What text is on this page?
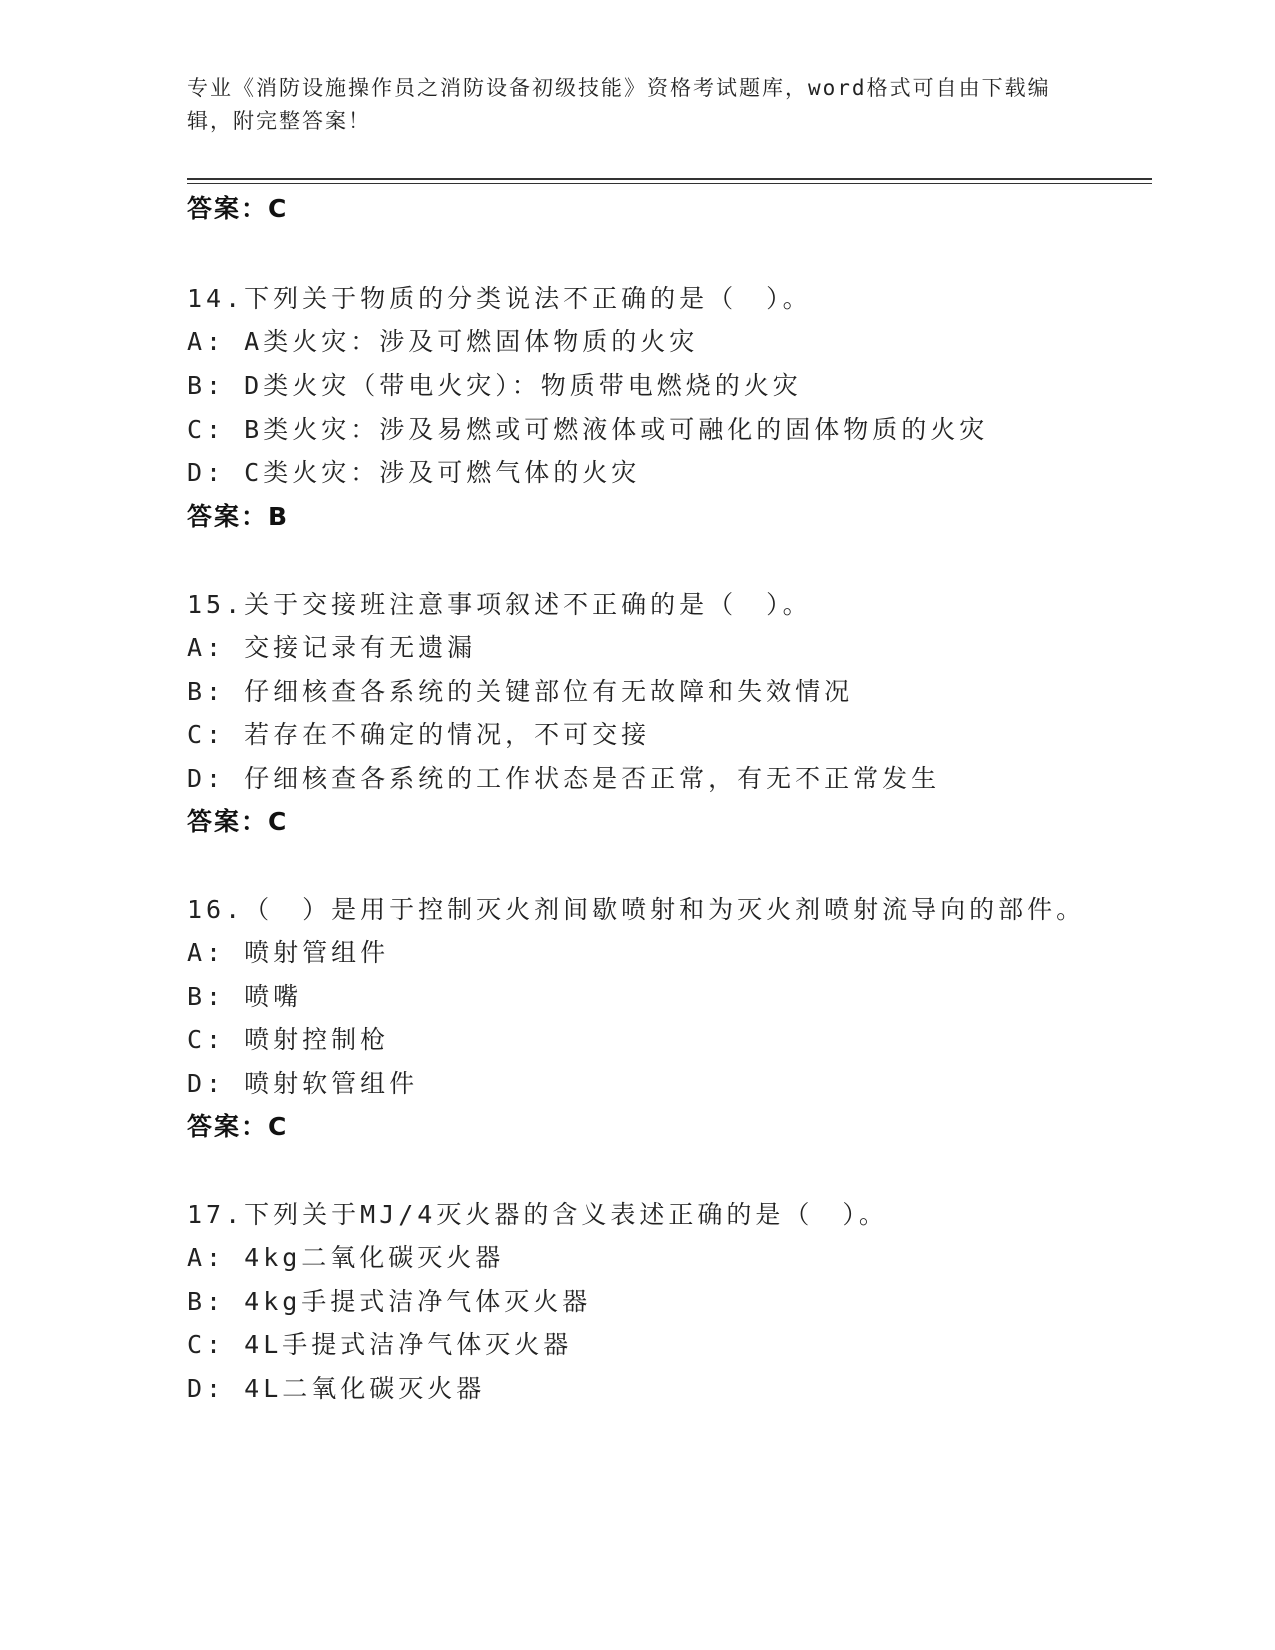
专业《消防设施操作员之消防设备初级技能》资格考试题库，word格式可自由下载编辑，附完整答案！
答案：C
14.下列关于物质的分类说法不正确的是（　）。
A: A类火灾：涉及可燃固体物质的火灾
B: D类火灾（带电火灾）：物质带电燃烧的火灾
C: B类火灾：涉及易燃或可燃液体或可融化的固体物质的火灾
D: C类火灾：涉及可燃气体的火灾
答案：B
15.关于交接班注意事项叙述不正确的是（　）。
A: 交接记录有无遗漏
B: 仔细核查各系统的关键部位有无故障和失效情况
C: 若存在不确定的情况，不可交接
D: 仔细核查各系统的工作状态是否正常，有无不正常发生
答案：C
16.（　）是用于控制灭火剂间歇喷射和为灭火剂喷射流导向的部件。
A: 喷射管组件
B: 喷嘴
C: 喷射控制枪
D: 喷射软管组件
答案：C
17.下列关于MJ/4灭火器的含义表述正确的是（　）。
A: 4kg二氧化碳灭火器
B: 4kg手提式洁净气体灭火器
C: 4L手提式洁净气体灭火器
D: 4L二氧化碳灭火器
